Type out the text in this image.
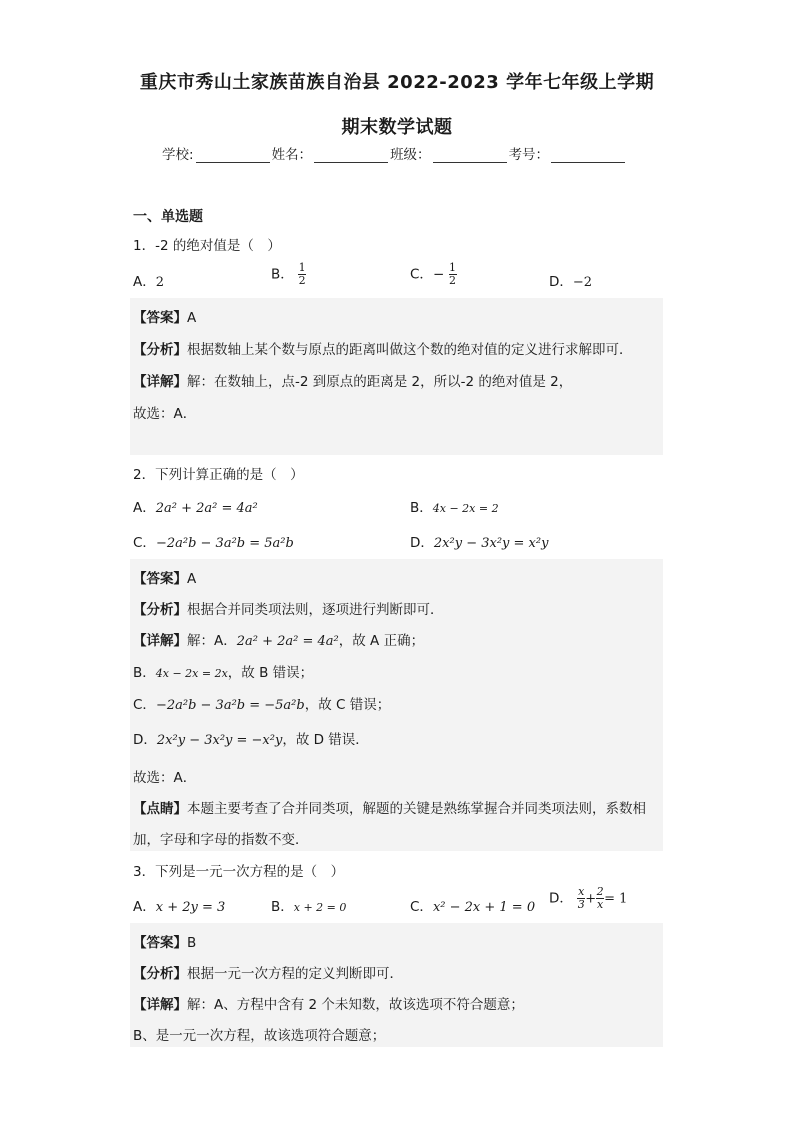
重庆市秀山土家族苗族自治县 2022-2023 学年七年级上学期
期末数学试题
学校:	姓名：	班级：	考号：
一、单选题
1．-2 的绝对值是（　）
A．2	B． $\frac{1}{2}$	C．− $\frac{1}{2}$	D．−2
【答案】A
【分析】根据数轴上某个数与原点的距离叫做这个数的绝对值的定义进行求解即可．
【详解】解：在数轴上，点-2 到原点的距离是 2，所以-2 的绝对值是 2，
故选：A．
2．下列计算正确的是（　）
A．2a² + 2a² = 4a²	B．4x − 2x = 2
C．−2a²b − 3a²b = 5a²b	D．2x²y − 3x²y = x²y
【答案】A
【分析】根据合并同类项法则，逐项进行判断即可．
【详解】解：A．2a² + 2a² = 4a²，故 A 正确；
B．4x − 2x = 2x，故 B 错误；
C．−2a²b − 3a²b = −5a²b，故 C 错误；
D．2x²y − 3x²y = −x²y，故 D 错误．
故选：A．
【点睛】本题主要考查了合并同类项，解题的关键是熟练掌握合并同类项法则，系数相
加，字母和字母的指数不变．
3．下列是一元一次方程的是（　）
A．x + 2y = 3	B．x + 2 = 0	C．x² − 2x + 1 = 0
D． $\frac{x}{3} + \frac{2}{x} = 1$
【答案】B
【分析】根据一元一次方程的定义判断即可．
【详解】解：A、方程中含有 2 个未知数，故该选项不符合题意；
B、是一元一次方程，故该选项符合题意；
